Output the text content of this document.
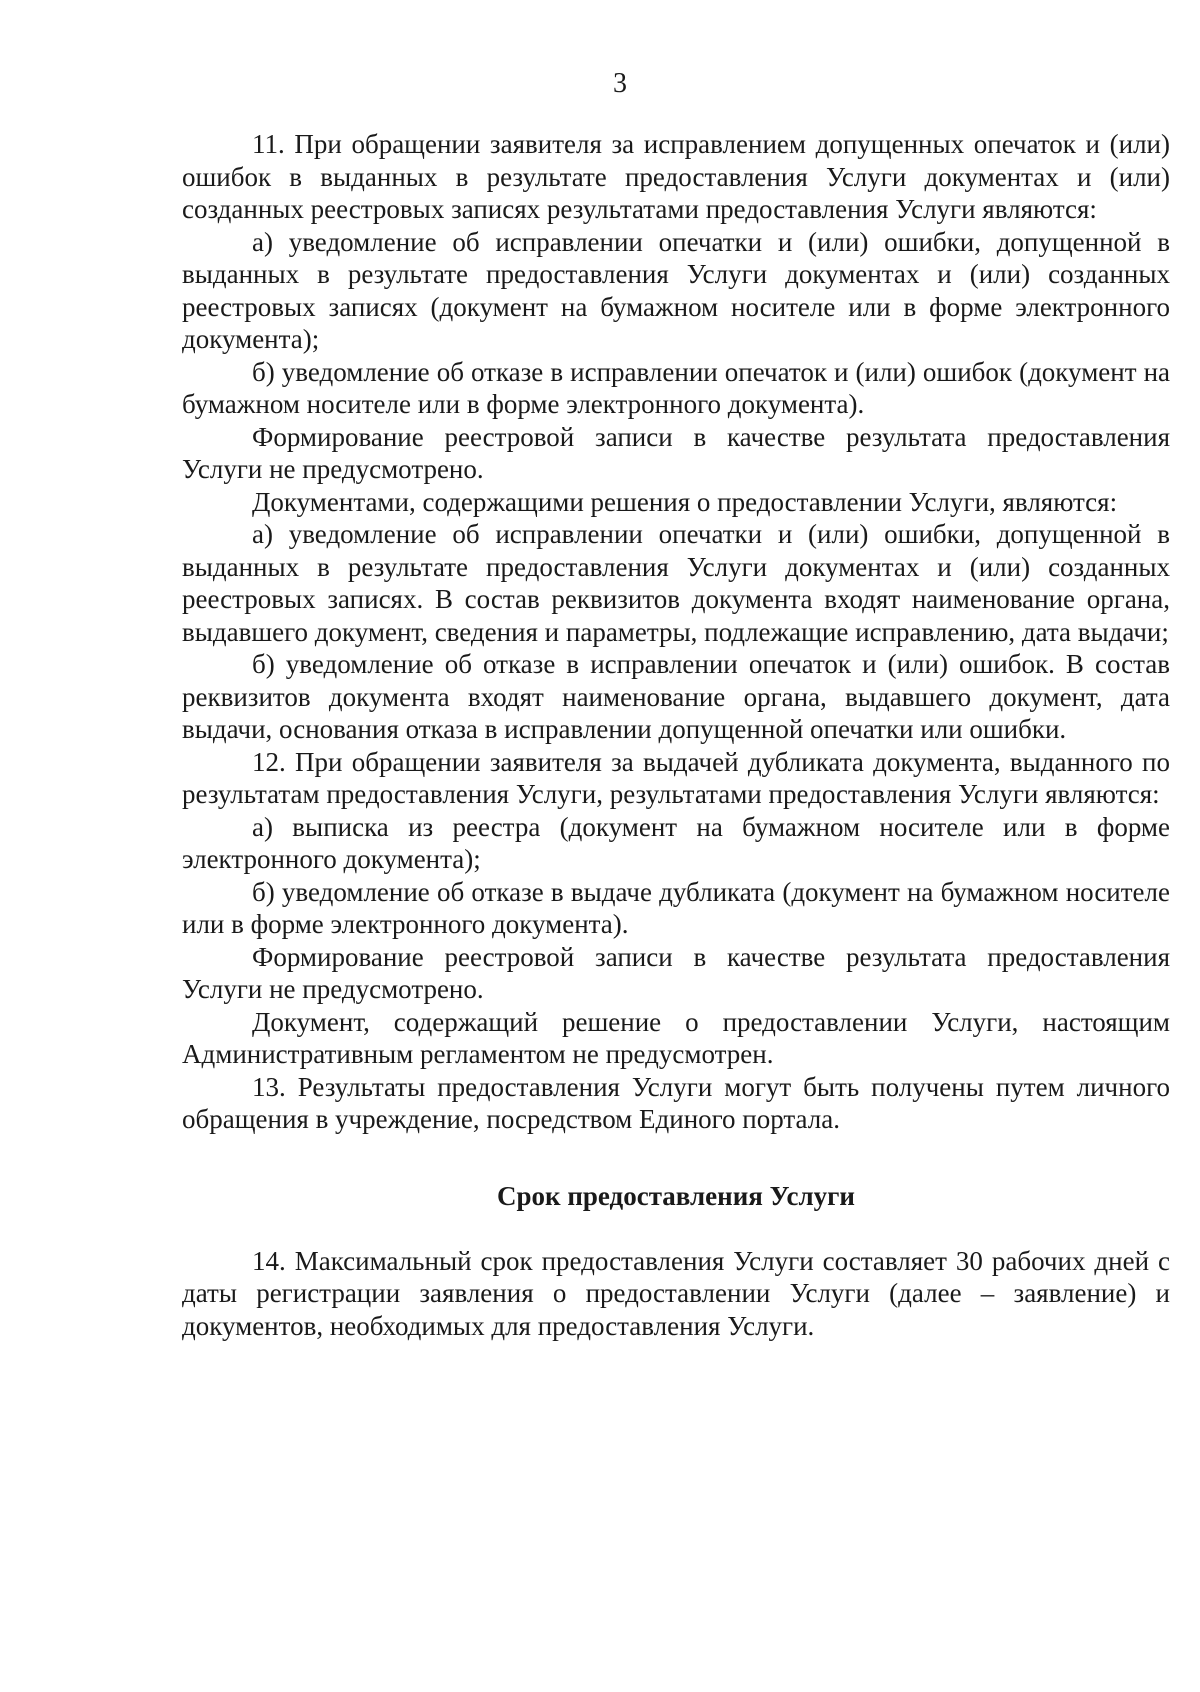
3

11. При обращении заявителя за исправлением допущенных опечаток и (или) ошибок в выданных в результате предоставления Услуги документах и (или) созданных реестровых записях результатами предоставления Услуги являются:

а) уведомление об исправлении опечатки и (или) ошибки, допущенной в выданных в результате предоставления Услуги документах и (или) созданных реестровых записях (документ на бумажном носителе или в форме электронного документа);

б) уведомление об отказе в исправлении опечаток и (или) ошибок (документ на бумажном носителе или в форме электронного документа).

Формирование реестровой записи в качестве результата предоставления Услуги не предусмотрено.

Документами, содержащими решения о предоставлении Услуги, являются:

а) уведомление об исправлении опечатки и (или) ошибки, допущенной в выданных в результате предоставления Услуги документах и (или) созданных реестровых записях. В состав реквизитов документа входят наименование органа, выдавшего документ, сведения и параметры, подлежащие исправлению, дата выдачи;

б) уведомление об отказе в исправлении опечаток и (или) ошибок. В состав реквизитов документа входят наименование органа, выдавшего документ, дата выдачи, основания отказа в исправлении допущенной опечатки или ошибки.

12. При обращении заявителя за выдачей дубликата документа, выданного по результатам предоставления Услуги, результатами предоставления Услуги являются:

а) выписка из реестра (документ на бумажном носителе или в форме электронного документа);

б) уведомление об отказе в выдаче дубликата (документ на бумажном носителе или в форме электронного документа).

Формирование реестровой записи в качестве результата предоставления Услуги не предусмотрено.

Документ, содержащий решение о предоставлении Услуги, настоящим Административным регламентом не предусмотрен.

13. Результаты предоставления Услуги могут быть получены путем личного обращения в учреждение, посредством Единого портала.

Срок предоставления Услуги

14. Максимальный срок предоставления Услуги составляет 30 рабочих дней с даты регистрации заявления о предоставлении Услуги (далее – заявление) и документов, необходимых для предоставления Услуги.
